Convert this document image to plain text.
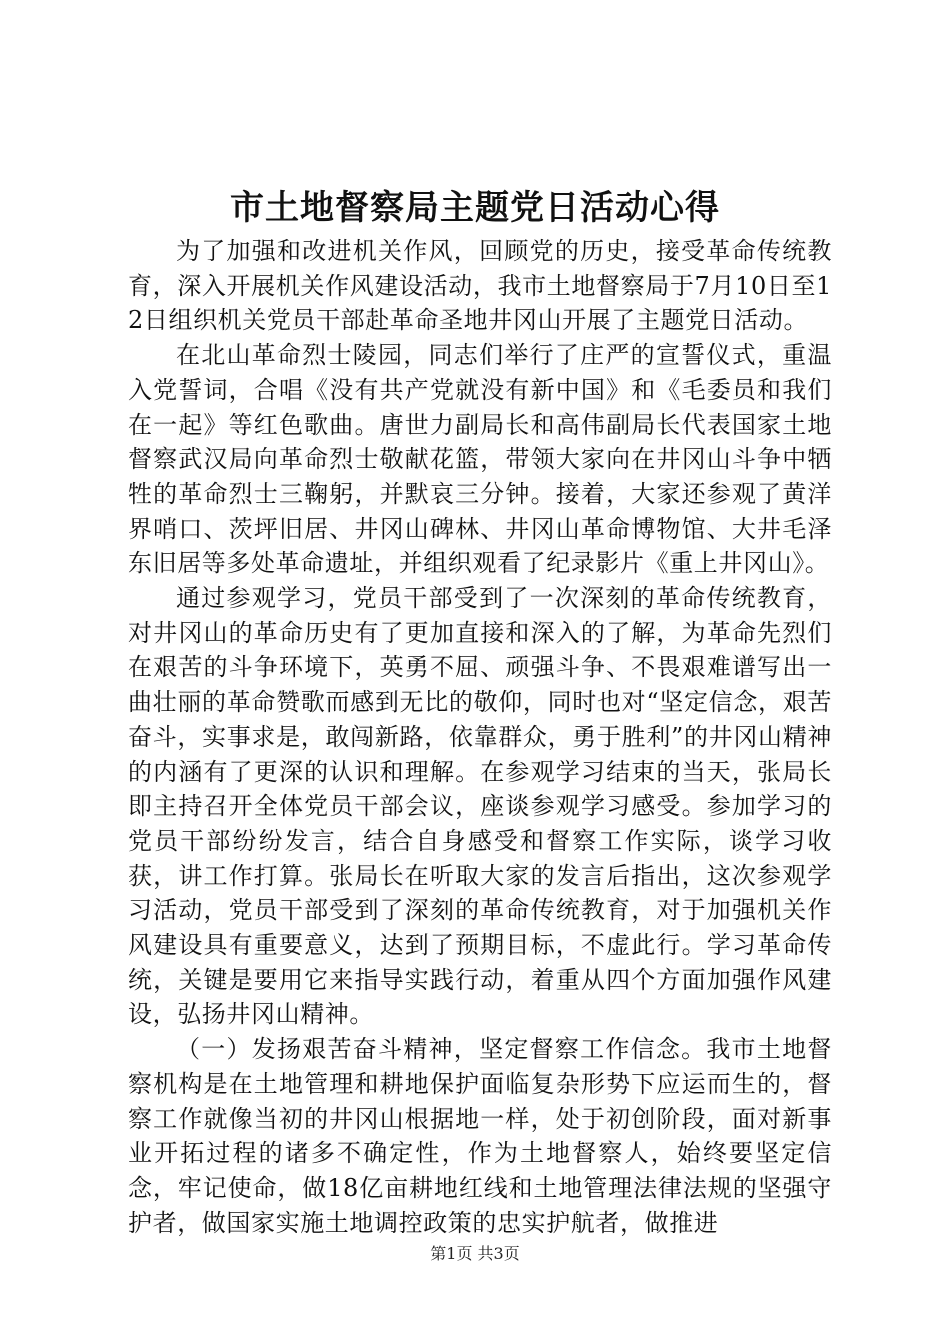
市土地督察局主题党日活动心得

为了加强和改进机关作风，回顾党的历史，接受革命传统教育，深入开展机关作风建设活动，我市土地督察局于7月10日至12日组织机关党员干部赴革命圣地井冈山开展了主题党日活动。

在北山革命烈士陵园，同志们举行了庄严的宣誓仪式，重温入党誓词，合唱《没有共产党就没有新中国》和《毛委员和我们在一起》等红色歌曲。唐世力副局长和高伟副局长代表国家土地督察武汉局向革命烈士敬献花篮，带领大家向在井冈山斗争中牺牲的革命烈士三鞠躬，并默哀三分钟。接着，大家还参观了黄洋界哨口、茨坪旧居、井冈山碑林、井冈山革命博物馆、大井毛泽东旧居等多处革命遗址，并组织观看了纪录影片《重上井冈山》。

通过参观学习，党员干部受到了一次深刻的革命传统教育，对井冈山的革命历史有了更加直接和深入的了解，为革命先烈们在艰苦的斗争环境下，英勇不屈、顽强斗争、不畏艰难谱写出一曲壮丽的革命赞歌而感到无比的敬仰，同时也对“坚定信念，艰苦奋斗，实事求是，敢闯新路，依靠群众，勇于胜利”的井冈山精神的内涵有了更深的认识和理解。在参观学习结束的当天，张局长即主持召开全体党员干部会议，座谈参观学习感受。参加学习的党员干部纷纷发言，结合自身感受和督察工作实际，谈学习收获，讲工作打算。张局长在听取大家的发言后指出，这次参观学习活动，党员干部受到了深刻的革命传统教育，对于加强机关作风建设具有重要意义，达到了预期目标，不虚此行。学习革命传统，关键是要用它来指导实践行动，着重从四个方面加强作风建设，弘扬井冈山精神。

（一）发扬艰苦奋斗精神，坚定督察工作信念。我市土地督察机构是在土地管理和耕地保护面临复杂形势下应运而生的，督察工作就像当初的井冈山根据地一样，处于初创阶段，面对新事业开拓过程的诸多不确定性，作为土地督察人，始终要坚定信念，牢记使命，做18亿亩耕地红线和土地管理法律法规的坚强守护者，做国家实施土地调控政策的忠实护航者，做推进

第1页 共3页
